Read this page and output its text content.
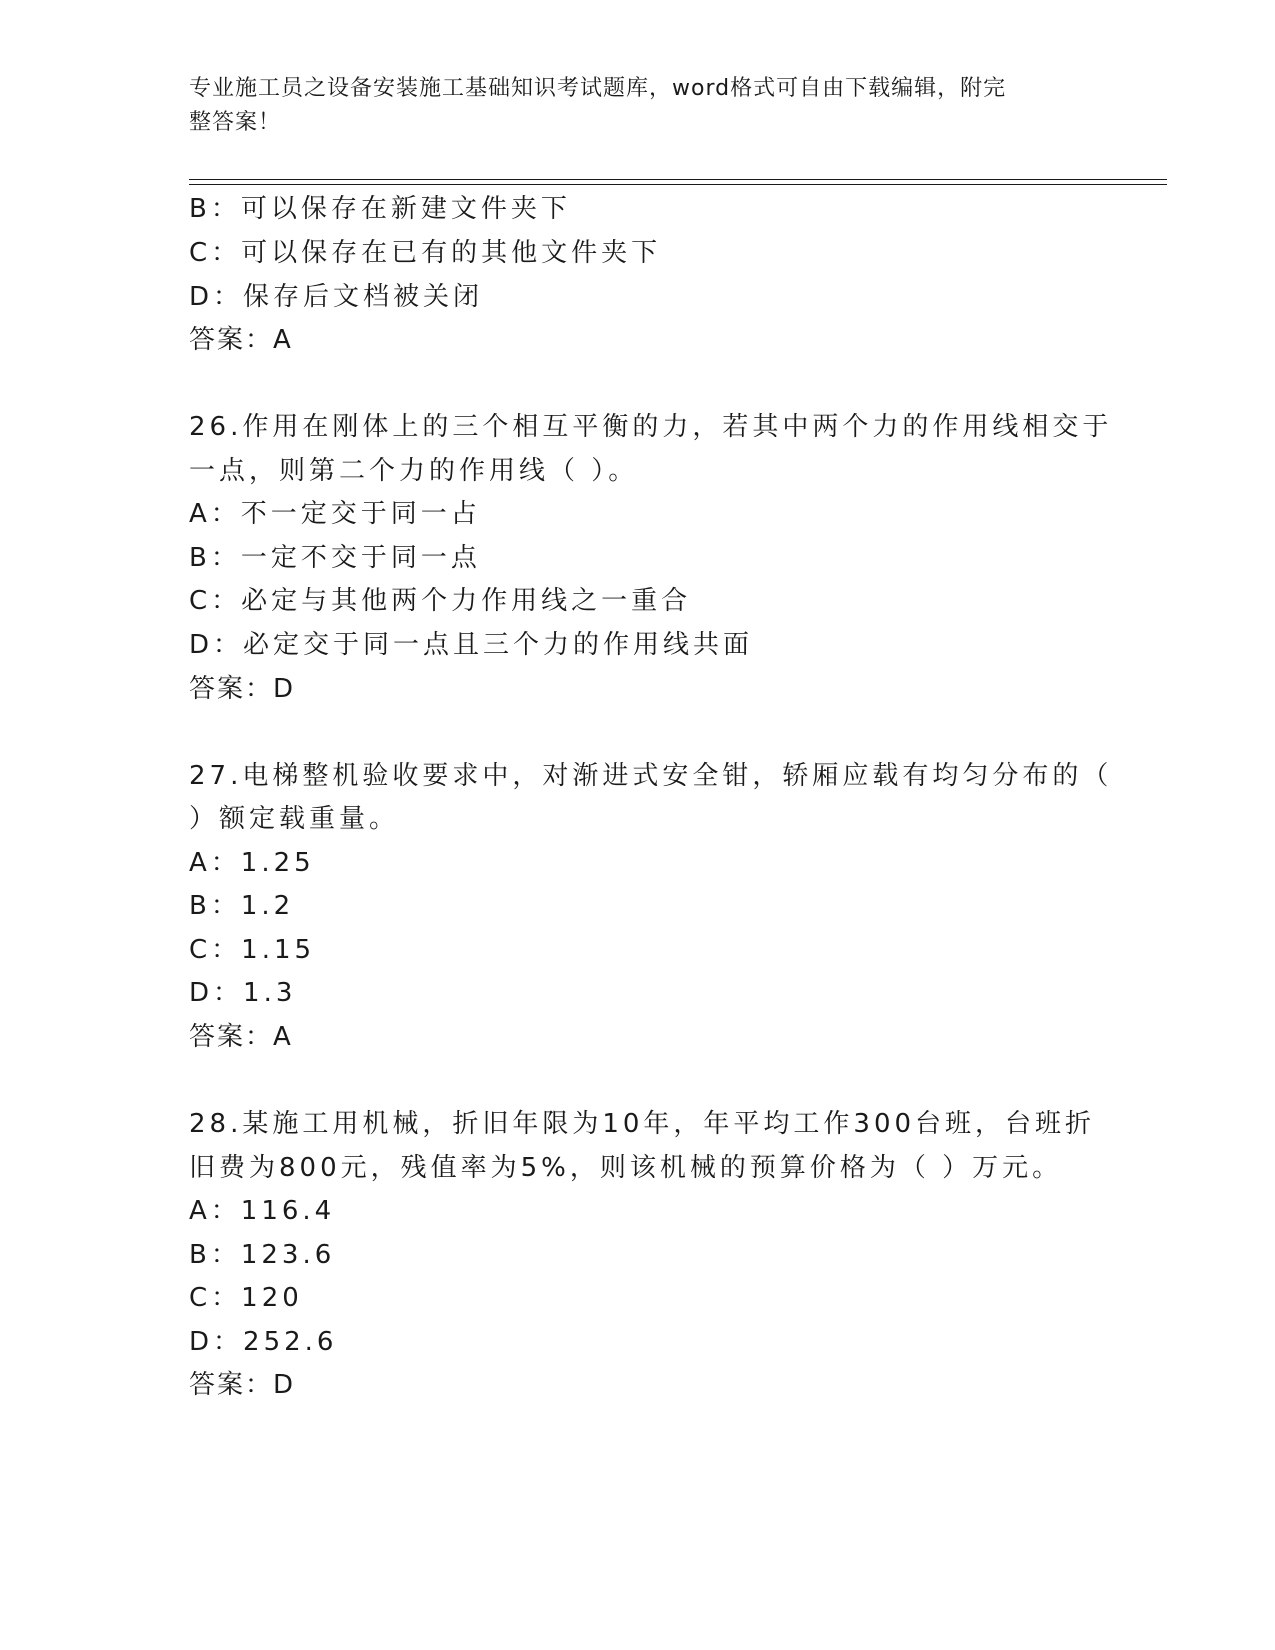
专业施工员之设备安装施工基础知识考试题库，word格式可自由下载编辑，附完
整答案！
B：可以保存在新建文件夹下
C：可以保存在已有的其他文件夹下
D：保存后文档被关闭
答案：A
26.作用在刚体上的三个相互平衡的力，若其中两个力的作用线相交于
一点，则第二个力的作用线（ ）。
A：不一定交于同一占
B：一定不交于同一点
C：必定与其他两个力作用线之一重合
D：必定交于同一点且三个力的作用线共面
答案：D
27.电梯整机验收要求中，对渐进式安全钳，轿厢应载有均匀分布的（
）额定载重量。
A：1.25
B：1.2
C：1.15
D：1.3
答案：A
28.某施工用机械，折旧年限为10年，年平均工作300台班，台班折
旧费为800元，残值率为5%，则该机械的预算价格为（ ）万元。
A：116.4
B：123.6
C：120
D：252.6
答案：D
